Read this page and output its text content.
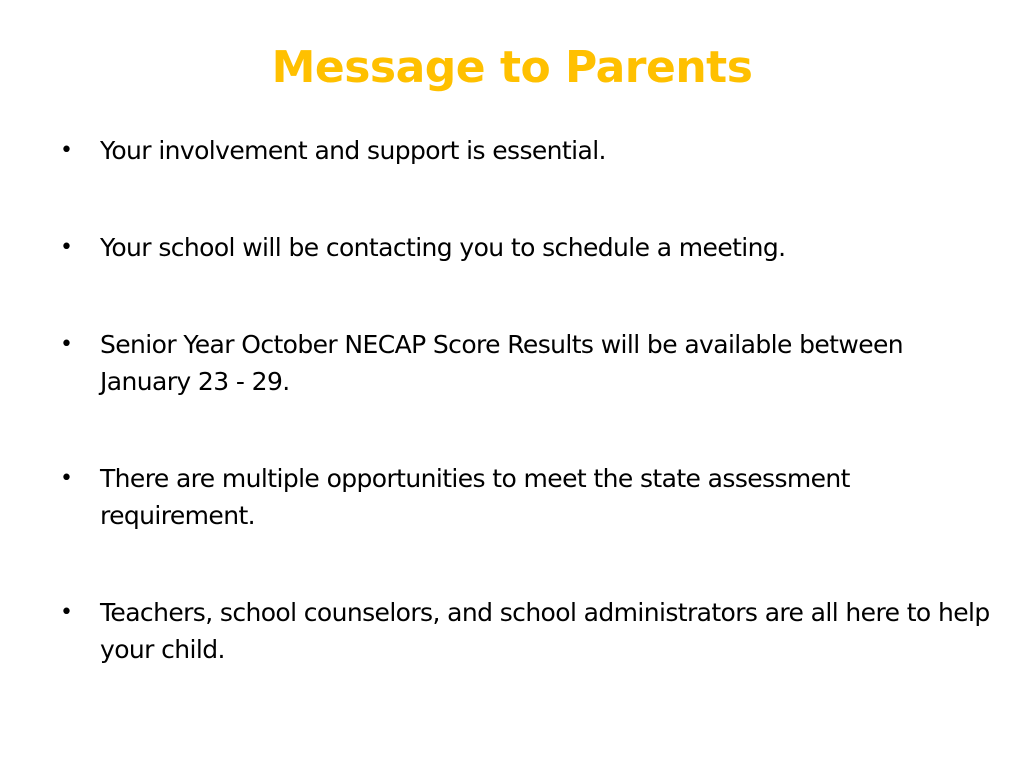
Message to Parents
•	Your involvement and support is essential.
•	Your school will be contacting you to schedule a meeting.
•	Senior Year October NECAP Score Results will be available between January 23 - 29.
•	There are multiple opportunities to meet the state assessment requirement.
•	Teachers, school counselors, and school administrators are all here to help your child.
